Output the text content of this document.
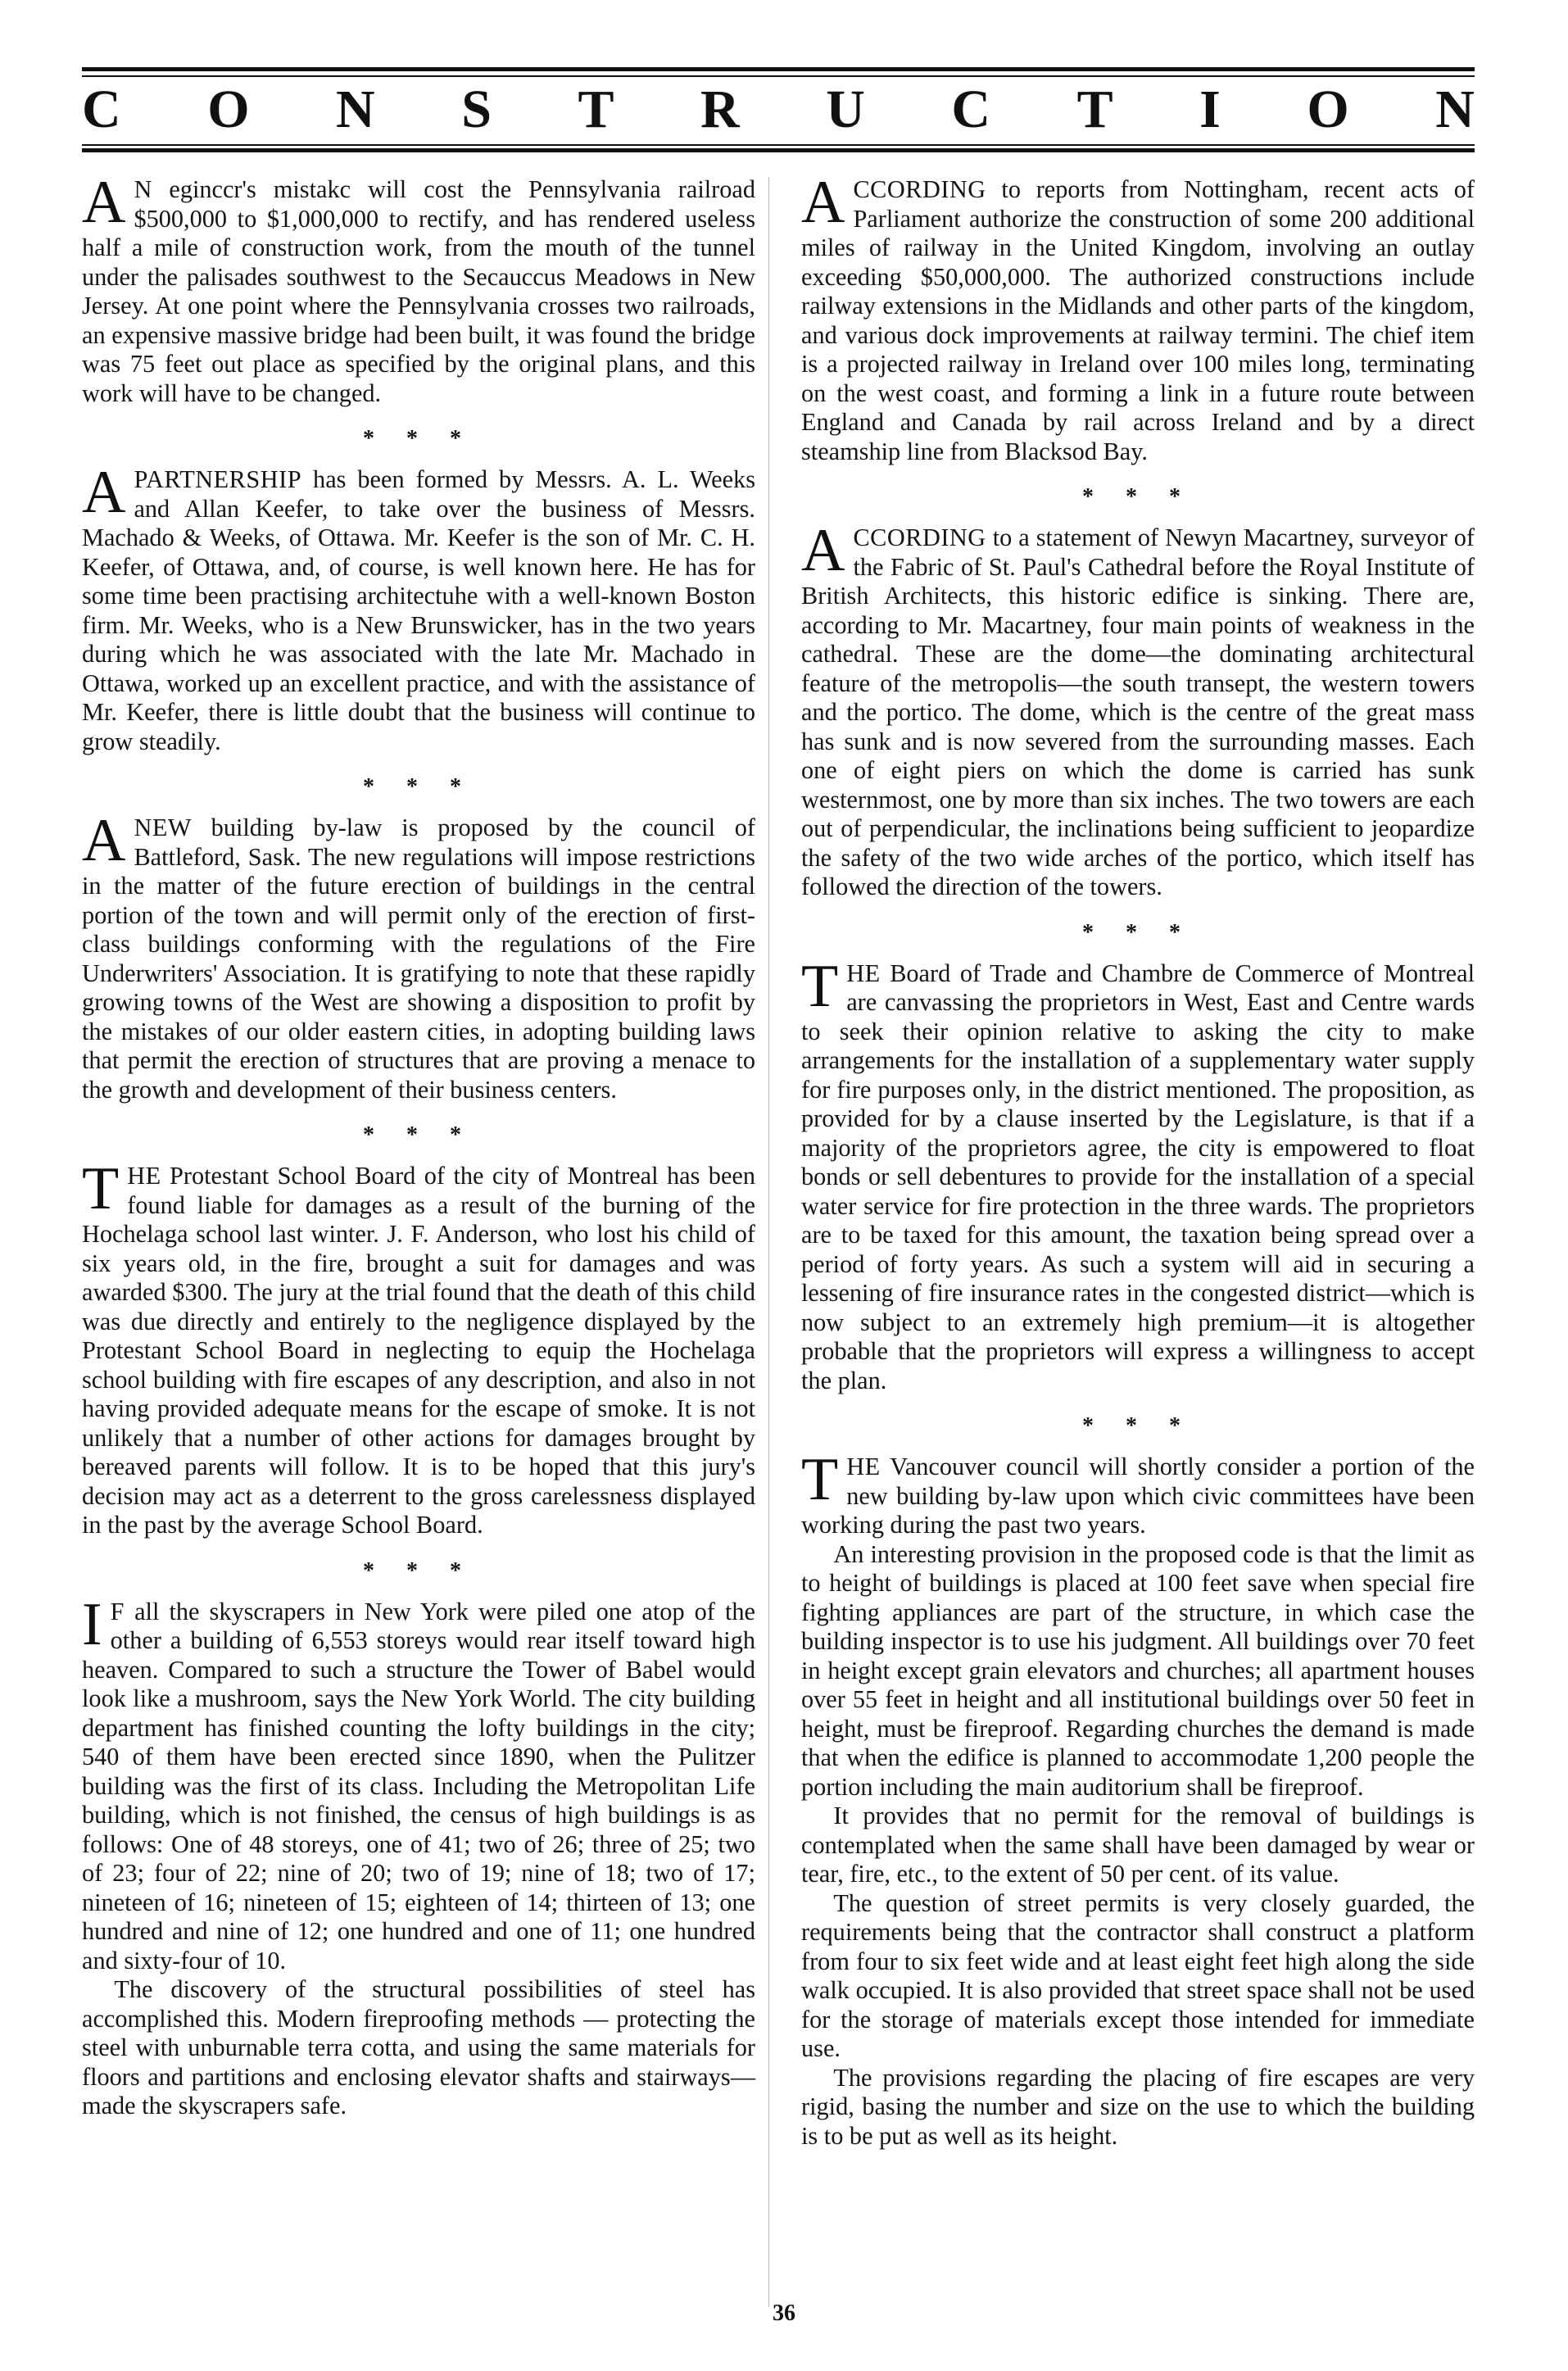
C O N S T R U C T I O N

A N eginccr's mistakc will cost the Pennsylvania railroad $500,000 to $1,000,000 to rectify, and has rendered useless half a mile of construction work, from the mouth of the tunnel under the palisades southwest to the Secauccus Meadows in New Jersey. At one point where the Pennsylvania crosses two railroads, an expensive massive bridge had been built, it was found the bridge was 75 feet out place as specified by the original plans, and this work will have to be changed.

* * *

APARTNERSHIP has been formed by Messrs. A. L. Weeks and Allan Keefer, to take over the business of Messrs. Machado & Weeks, of Ottawa. Mr. Keefer is the son of Mr. C. H. Keefer, of Ottawa, and, of course, is well known here. He has for some time been practising architectuhe with a well-known Boston firm. Mr. Weeks, who is a New Brunswicker, has in the two years during which he was associated with the late Mr. Machado in Ottawa, worked up an excellent practice, and with the assistance of Mr. Keefer, there is little doubt that the business will continue to grow steadily.

* * *

ANEW building by-law is proposed by the council of Battleford, Sask. The new regulations will impose restrictions in the matter of the future erection of buildings in the central portion of the town and will permit only of the erection of first-class buildings conforming with the regulations of the Fire Underwriters' Association. It is gratifying to note that these rapidly growing towns of the West are showing a disposition to profit by the mistakes of our older eastern cities, in adopting building laws that permit the erection of structures that are proving a menace to the growth and development of their business centers.

* * *

THE Protestant School Board of the city of Montreal has been found liable for damages as a result of the burning of the Hochelaga school last winter. J. F. Anderson, who lost his child of six years old, in the fire, brought a suit for damages and was awarded $300. The jury at the trial found that the death of this child was due directly and entirely to the negligence displayed by the Protestant School Board in neglecting to equip the Hochelaga school building with fire escapes of any description, and also in not having provided adequate means for the escape of smoke. It is not unlikely that a number of other actions for damages brought by bereaved parents will follow. It is to be hoped that this jury's decision may act as a deterrent to the gross carelessness displayed in the past by the average School Board.

* * *

I F all the skyscrapers in New York were piled one atop of the other a building of 6,553 storeys would rear itself toward high heaven. Compared to such a structure the Tower of Babel would look like a mushroom, says the New York World. The city building department has finished counting the lofty buildings in the city; 540 of them have been erected since 1890, when the Pulitzer building was the first of its class. Including the Metropolitan Life building, which is not finished, the census of high buildings is as follows: One of 48 storeys, one of 41; two of 26; three of 25; two of 23; four of 22; nine of 20; two of 19; nine of 18; two of 17; nineteen of 16; nineteen of 15; eighteen of 14; thirteen of 13; one hundred and nine of 12; one hundred and one of 11; one hundred and sixty-four of 10.

The discovery of the structural possibilities of steel has accomplished this. Modern fireproofing methods — protecting the steel with unburnable terra cotta, and using the same materials for floors and partitions and enclosing elevator shafts and stairways—made the skyscrapers safe.

ACCORDING to reports from Nottingham, recent acts of Parliament authorize the construction of some 200 additional miles of railway in the United Kingdom, involving an outlay exceeding $50,000,000. The authorized constructions include railway extensions in the Midlands and other parts of the kingdom, and various dock improvements at railway termini. The chief item is a projected railway in Ireland over 100 miles long, terminating on the west coast, and forming a link in a future route between England and Canada by rail across Ireland and by a direct steamship line from Blacksod Bay.

* * *

ACCORDING to a statement of Newyn Macartney, surveyor of the Fabric of St. Paul's Cathedral before the Royal Institute of British Architects, this historic edifice is sinking. There are, according to Mr. Macartney, four main points of weakness in the cathedral. These are the dome—the dominating architectural feature of the metropolis—the south transept, the western towers and the portico. The dome, which is the centre of the great mass has sunk and is now severed from the surrounding masses. Each one of eight piers on which the dome is carried has sunk westernmost, one by more than six inches. The two towers are each out of perpendicular, the inclinations being sufficient to jeopardize the safety of the two wide arches of the portico, which itself has followed the direction of the towers.

* * *

THE Board of Trade and Chambre de Commerce of Montreal are canvassing the proprietors in West, East and Centre wards to seek their opinion relative to asking the city to make arrangements for the installation of a supplementary water supply for fire purposes only, in the district mentioned. The proposition, as provided for by a clause inserted by the Legislature, is that if a majority of the proprietors agree, the city is empowered to float bonds or sell debentures to provide for the installation of a special water service for fire protection in the three wards. The proprietors are to be taxed for this amount, the taxation being spread over a period of forty years. As such a system will aid in securing a lessening of fire insurance rates in the congested district—which is now subject to an extremely high premium—it is altogether probable that the proprietors will express a willingness to accept the plan.

* * *

THE Vancouver council will shortly consider a portion of the new building by-law upon which civic committees have been working during the past two years.

An interesting provision in the proposed code is that the limit as to height of buildings is placed at 100 feet save when special fire fighting appliances are part of the structure, in which case the building inspector is to use his judgment. All buildings over 70 feet in height except grain elevators and churches; all apartment houses over 55 feet in height and all institutional buildings over 50 feet in height, must be fireproof. Regarding churches the demand is made that when the edifice is planned to accommodate 1,200 people the portion including the main auditorium shall be fireproof.

It provides that no permit for the removal of buildings is contemplated when the same shall have been damaged by wear or tear, fire, etc., to the extent of 50 per cent. of its value.

The question of street permits is very closely guarded, the requirements being that the contractor shall construct a platform from four to six feet wide and at least eight feet high along the side walk occupied. It is also provided that street space shall not be used for the storage of materials except those intended for immediate use.

The provisions regarding the placing of fire escapes are very rigid, basing the number and size on the use to which the building is to be put as well as its height.

36
